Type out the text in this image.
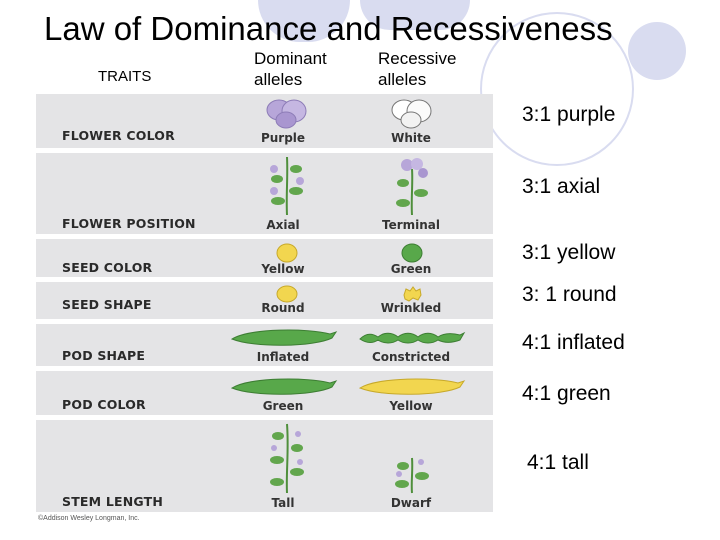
Law of Dominance and Recessiveness
TRAITS
Dominant
alleles
Recessive
alleles
FLOWER COLOR	Purple	White
FLOWER POSITION	Axial	Terminal
SEED COLOR	Yellow	Green
SEED SHAPE	Round	Wrinkled
POD SHAPE	Inflated	Constricted
POD COLOR	Green	Yellow
STEM LENGTH	Tall	Dwarf
©Addison Wesley Longman, Inc.
3:1 purple
3:1 axial
3:1 yellow
3: 1 round
4:1 inflated
4:1 green
4:1 tall
